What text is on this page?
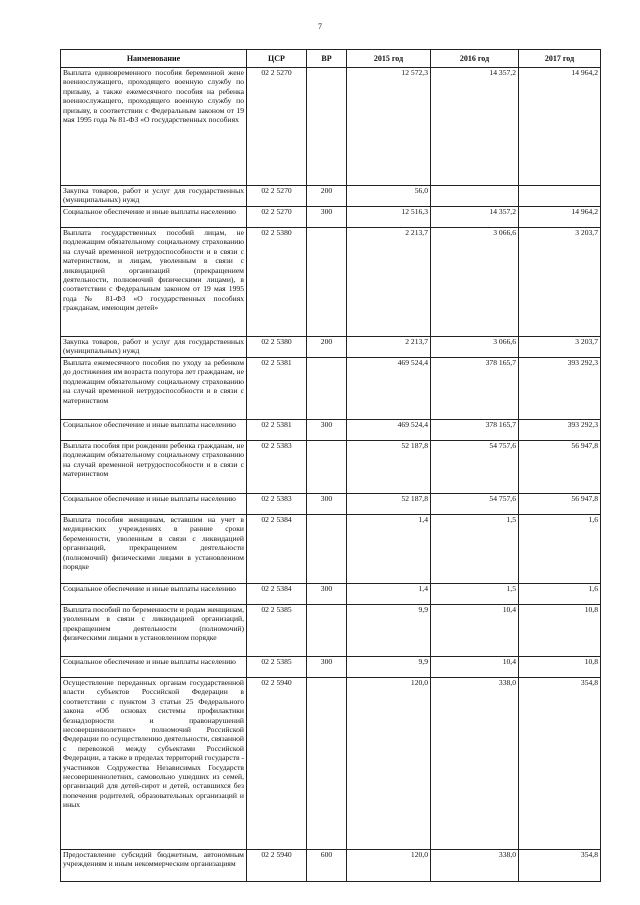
7
Наименование	ЦСР	ВР	2015 год	2016 год	2017 год
Выплата единовременного пособия беременной жене военнослужащего, проходящего военную службу по призыву, а также ежемесячного пособия на ребенка военнослужащего, проходящего военную службу по призыву, в соответствии с Федеральным законом от 19 мая 1995 года № 81-ФЗ «О государственных пособиях	02 2 5270		12 572,3	14 357,2	14 964,2
Закупка товаров, работ и услуг для государственных (муниципальных) нужд	02 2 5270	200	56,0		
Социальное обеспечение и иные выплаты населению	02 2 5270	300	12 516,3	14 357,2	14 964,2
Выплата государственных пособий лицам, не подлежащим обязательному социальному страхованию на случай временной нетрудоспособности и в связи с материнством, и лицам, уволенным в связи с ликвидацией организаций (прекращением деятельности, полномочий физическими лицами), в соответствии с Федеральным законом от 19 мая 1995 года № 81-ФЗ «О государственных пособиях гражданам, имеющим детей»	02 2 5380		2 213,7	3 066,6	3 203,7
Закупка товаров, работ и услуг для государственных (муниципальных) нужд	02 2 5380	200	2 213,7	3 066,6	3 203,7
Выплата ежемесячного пособия по уходу за ребенком до достижения им возраста полутора лет гражданам, не подлежащим обязательному социальному страхованию на случай временной нетрудоспособности и в связи с материнством	02 2 5381		469 524,4	378 165,7	393 292,3
Социальное обеспечение и иные выплаты населению	02 2 5381	300	469 524,4	378 165,7	393 292,3
Выплата пособия при рождении ребенка гражданам, не подлежащим обязательному социальному страхованию на случай временной нетрудоспособности и в связи с материнством	02 2 5383		52 187,8	54 757,6	56 947,8
Социальное обеспечение и иные выплаты населению	02 2 5383	300	52 187,8	54 757,6	56 947,8
Выплата пособия женщинам, вставшим на учет в медицинских учреждениях в ранние сроки беременности, уволенным в связи с ликвидацией организаций, прекращением деятельности (полномочий) физическими лицами в установленном порядке	02 2 5384		1,4	1,5	1,6
Социальное обеспечение и иные выплаты населению	02 2 5384	300	1,4	1,5	1,6
Выплата пособий по беременности и родам женщинам, уволенным в связи с ликвидацией организаций, прекращением деятельности (полномочий) физическими лицами в установленном порядке	02 2 5385		9,9	10,4	10,8
Социальное обеспечение и иные выплаты населению	02 2 5385	300	9,9	10,4	10,8
Осуществление переданных органам государственной власти субъектов Российской Федерации в соответствии с пунктом 3 статьи 25 Федерального закона «Об основах системы профилактики безнадзорности и правонарушений несовершеннолетних» полномочий Российской Федерации по осуществлению деятельности, связанной с перевозкой между субъектами Российской Федерации, а также в пределах территорий государств - участников Содружества Независимых Государств несовершеннолетних, самовольно ушедших из семей, организаций для детей-сирот и детей, оставшихся без попечения родителей, образовательных организаций и иных	02 2 5940		120,0	338,0	354,8
Предоставление субсидий бюджетным, автономным учреждениям и иным некоммерческим организациям	02 2 5940	600	120,0	338,0	354,8
